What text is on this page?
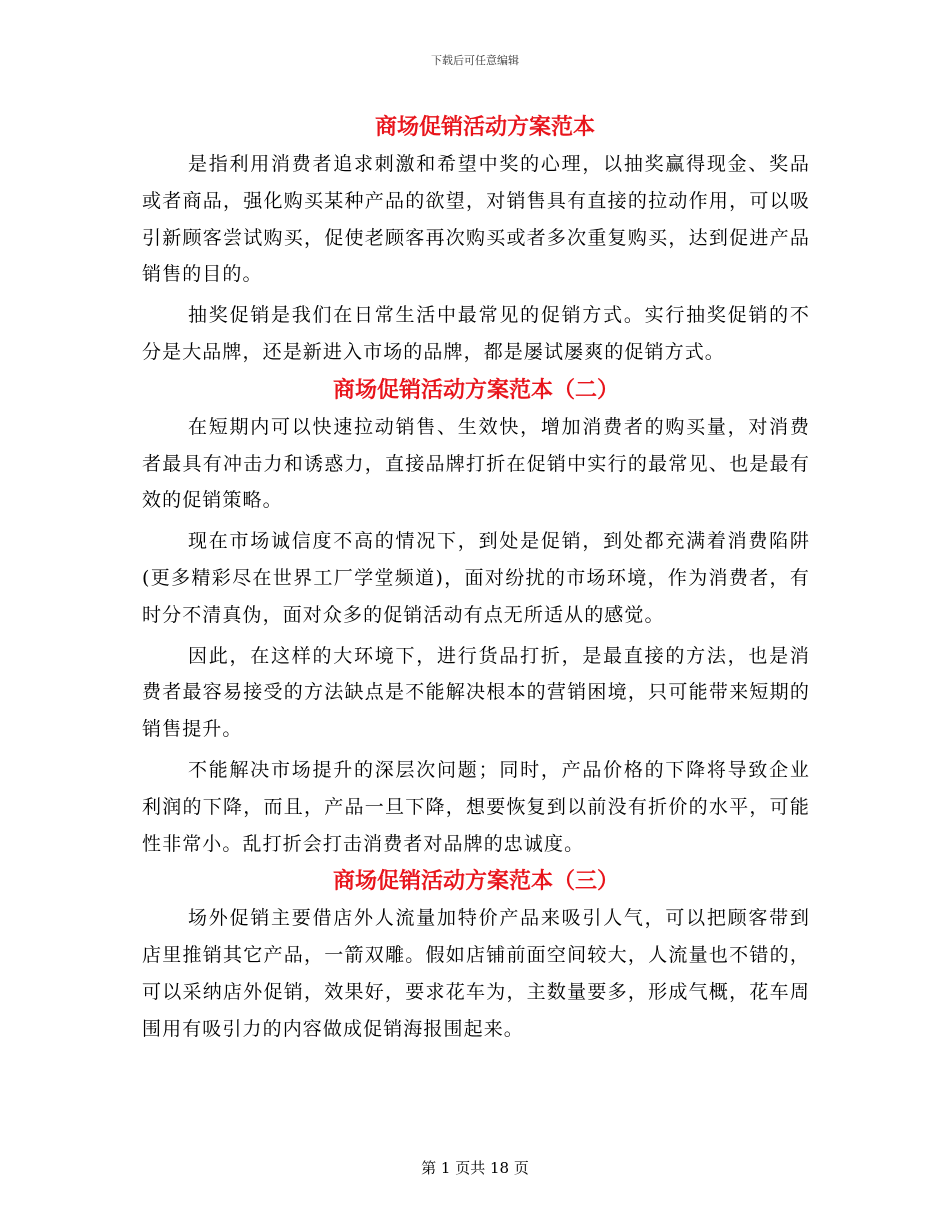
下载后可任意编辑
商场促销活动方案范本

是指利用消费者追求刺激和希望中奖的心理，以抽奖赢得现金、奖品或者商品，强化购买某种产品的欲望，对销售具有直接的拉动作用，可以吸引新顾客尝试购买，促使老顾客再次购买或者多次重复购买，达到促进产品销售的目的。

抽奖促销是我们在日常生活中最常见的促销方式。实行抽奖促销的不分是大品牌，还是新进入市场的品牌，都是屡试屡爽的促销方式。

商场促销活动方案范本（二）

在短期内可以快速拉动销售、生效快，增加消费者的购买量，对消费者最具有冲击力和诱惑力，直接品牌打折在促销中实行的最常见、也是最有效的促销策略。

现在市场诚信度不高的情况下，到处是促销，到处都充满着消费陷阱(更多精彩尽在世界工厂学堂频道)，面对纷扰的市场环境，作为消费者，有时分不清真伪，面对众多的促销活动有点无所适从的感觉。

因此，在这样的大环境下，进行货品打折，是最直接的方法，也是消费者最容易接受的方法缺点是不能解决根本的营销困境，只可能带来短期的销售提升。

不能解决市场提升的深层次问题；同时，产品价格的下降将导致企业利润的下降，而且，产品一旦下降，想要恢复到以前没有折价的水平，可能性非常小。乱打折会打击消费者对品牌的忠诚度。

商场促销活动方案范本（三）

场外促销主要借店外人流量加特价产品来吸引人气，可以把顾客带到店里推销其它产品，一箭双雕。假如店铺前面空间较大，人流量也不错的，可以采纳店外促销，效果好，要求花车为，主数量要多，形成气概，花车周围用有吸引力的内容做成促销海报围起来。

第 1 页共 18 页
